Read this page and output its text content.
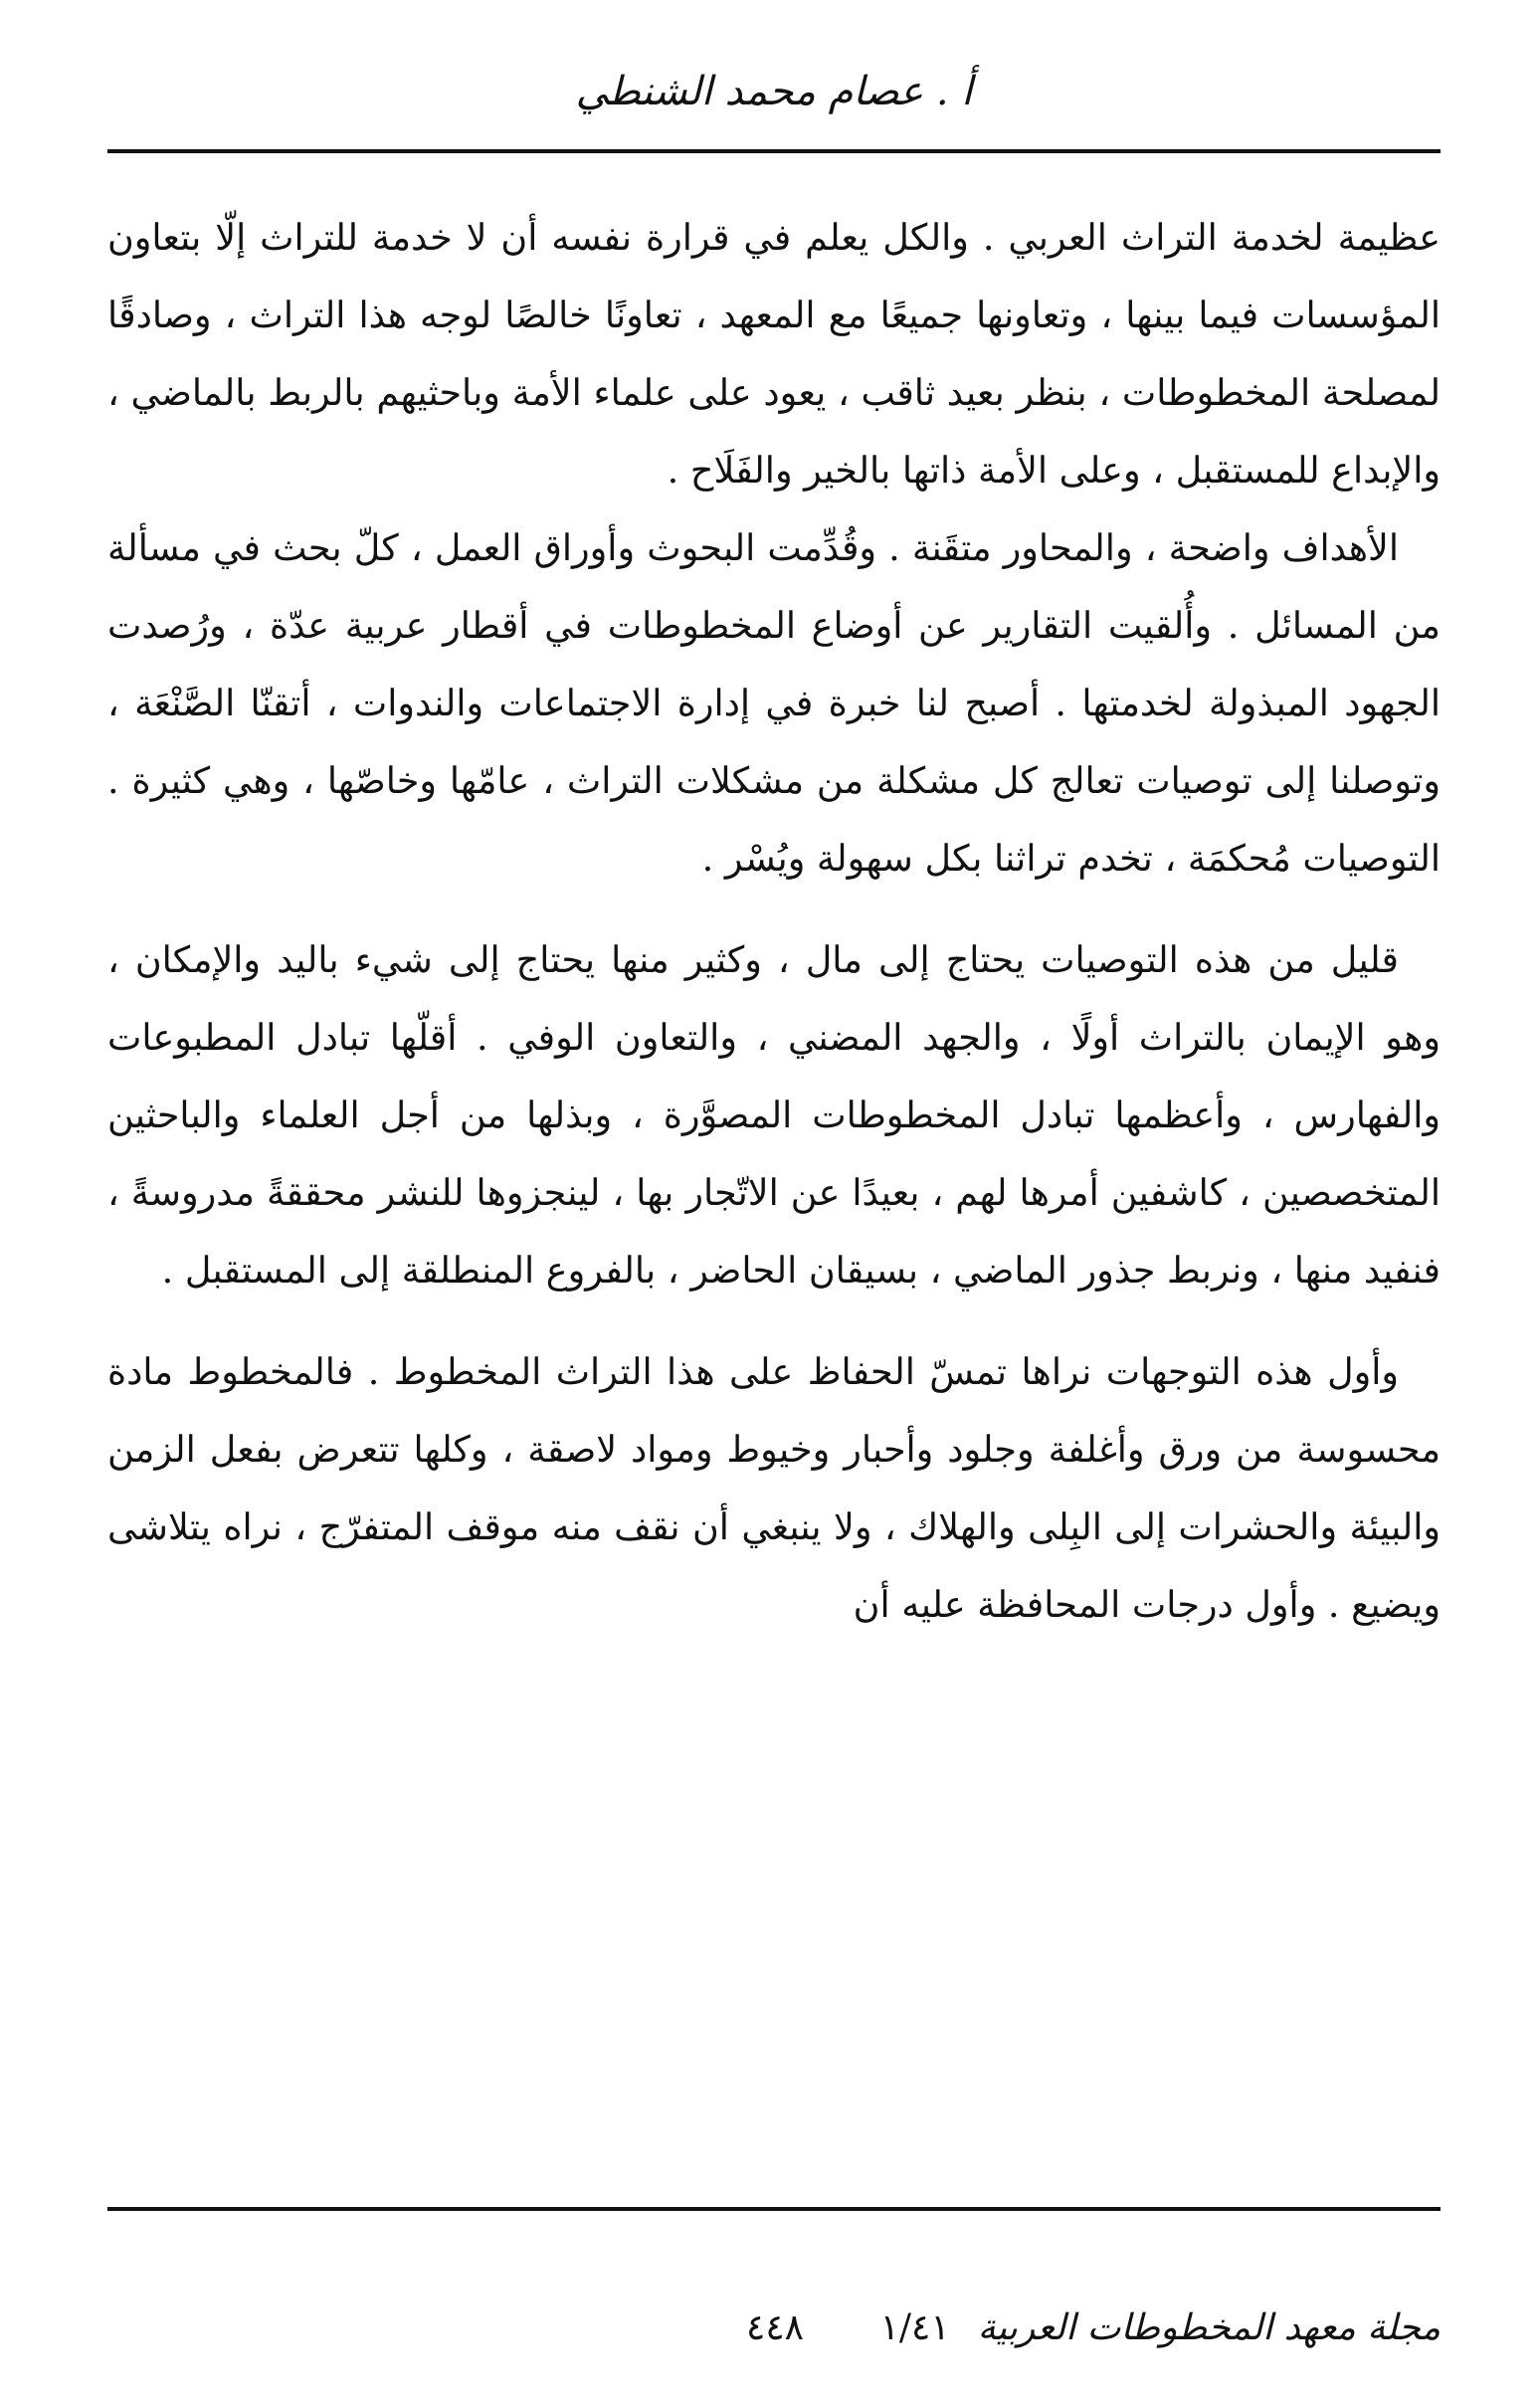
أ . عصام محمد الشنطي

عظيمة لخدمة التراث العربي . والكل يعلم في قرارة نفسه أن لا خدمة للتراث إلّا بتعاون المؤسسات فيما بينها ، وتعاونها جميعًا مع المعهد ، تعاونًا خالصًا لوجه هذا التراث ، وصادقًا لمصلحة المخطوطات ، بنظر بعيد ثاقب ، يعود على علماء الأمة وباحثيهم بالربط بالماضي ، والإبداع للمستقبل ، وعلى الأمة ذاتها بالخير والفَلَاح .

الأهداف واضحة ، والمحاور متقَنة . وقُدِّمت البحوث وأوراق العمل ، كلّ بحث في مسألة من المسائل . وأُلقيت التقارير عن أوضاع المخطوطات في أقطار عربية عدّة ، ورُصدت الجهود المبذولة لخدمتها . أصبح لنا خبرة في إدارة الاجتماعات والندوات ، أتقنّا الصَّنْعَة ، وتوصلنا إلى توصيات تعالج كل مشكلة من مشكلات التراث ، عامّها وخاصّها ، وهي كثيرة . التوصيات مُحكمَة ، تخدم تراثنا بكل سهولة ويُسْر .

قليل من هذه التوصيات يحتاج إلى مال ، وكثير منها يحتاج إلى شيء باليد والإمكان ، وهو الإيمان بالتراث أولًا ، والجهد المضني ، والتعاون الوفي . أقلّها تبادل المطبوعات والفهارس ، وأعظمها تبادل المخطوطات المصوَّرة ، وبذلها من أجل العلماء والباحثين المتخصصين ، كاشفين أمرها لهم ، بعيدًا عن الاتّجار بها ، لينجزوها للنشر محققةً مدروسةً ، فنفيد منها ، ونربط جذور الماضي ، بسيقان الحاضر ، بالفروع المنطلقة إلى المستقبل .

وأول هذه التوجهات نراها تمسّ الحفاظ على هذا التراث المخطوط . فالمخطوط مادة محسوسة من ورق وأغلفة وجلود وأحبار وخيوط ومواد لاصقة ، وكلها تتعرض بفعل الزمن والبيئة والحشرات إلى البِلى والهلاك ، ولا ينبغي أن نقف منه موقف المتفرّج ، نراه يتلاشى ويضيع . وأول درجات المحافظة عليه أن

مجلة معهد المخطوطات العربية١/٤١
٤٤٨
